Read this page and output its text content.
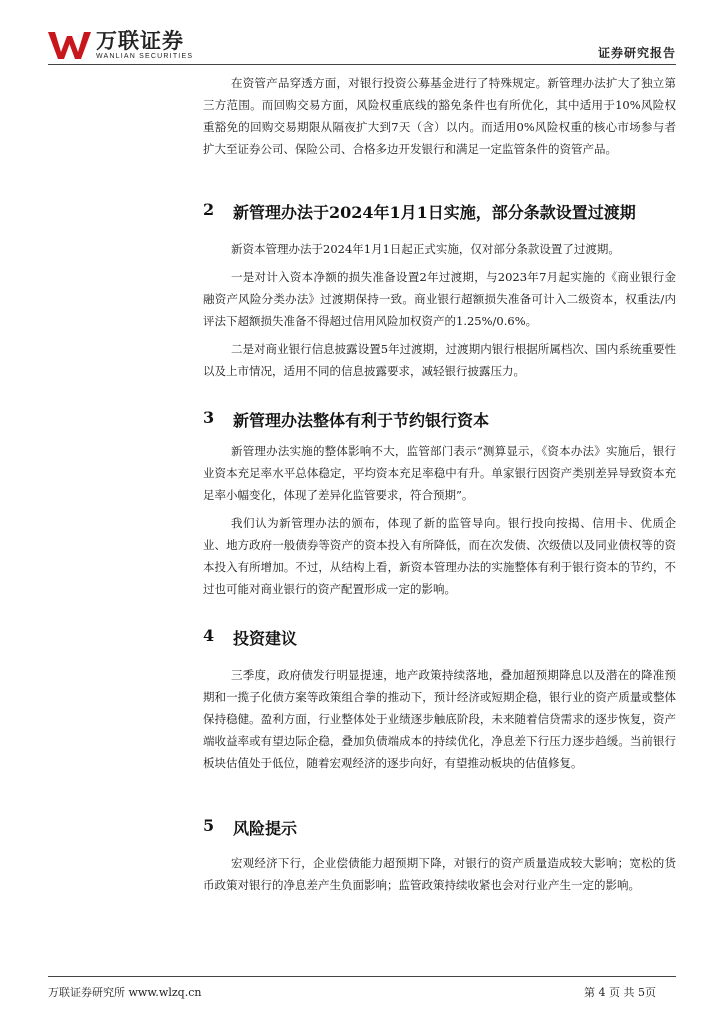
万联证券
WANLIAN SECURITIES	证券研究报告

在资管产品穿透方面，对银行投资公募基金进行了特殊规定。新管理办法扩大了独立第三方范围。而回购交易方面，风险权重底线的豁免条件也有所优化，其中适用于10%风险权重豁免的回购交易期限从隔夜扩大到7天（含）以内。而适用0%风险权重的核心市场参与者扩大至证券公司、保险公司、合格多边开发银行和满足一定监管条件的资管产品。

2	新管理办法于2024年1月1日实施，部分条款设置过渡期

新资本管理办法于2024年1月1日起正式实施，仅对部分条款设置了过渡期。

一是对计入资本净额的损失准备设置2年过渡期，与2023年7月起实施的《商业银行金融资产风险分类办法》过渡期保持一致。商业银行超额损失准备可计入二级资本，权重法/内评法下超额损失准备不得超过信用风险加权资产的1.25%/0.6%。

二是对商业银行信息披露设置5年过渡期，过渡期内银行根据所属档次、国内系统重要性以及上市情况，适用不同的信息披露要求，减轻银行披露压力。

3	新管理办法整体有利于节约银行资本

新管理办法实施的整体影响不大，监管部门表示“测算显示，《资本办法》实施后，银行业资本充足率水平总体稳定，平均资本充足率稳中有升。单家银行因资产类别差异导致资本充足率小幅变化，体现了差异化监管要求，符合预期”。

我们认为新管理办法的颁布，体现了新的监管导向。银行投向按揭、信用卡、优质企业、地方政府一般债券等资产的资本投入有所降低，而在次发债、次级债以及同业债权等的资本投入有所增加。不过，从结构上看，新资本管理办法的实施整体有利于银行资本的节约，不过也可能对商业银行的资产配置形成一定的影响。

4	投资建议

三季度，政府债发行明显提速，地产政策持续落地，叠加超预期降息以及潜在的降准预期和一揽子化债方案等政策组合拳的推动下，预计经济或短期企稳，银行业的资产质量或整体保持稳健。盈利方面，行业整体处于业绩逐步触底阶段，未来随着信贷需求的逐步恢复，资产端收益率或有望边际企稳，叠加负债端成本的持续优化，净息差下行压力逐步趋缓。当前银行板块估值处于低位，随着宏观经济的逐步向好，有望推动板块的估值修复。

5	风险提示

宏观经济下行，企业偿债能力超预期下降，对银行的资产质量造成较大影响；宽松的货币政策对银行的净息差产生负面影响；监管政策持续收紧也会对行业产生一定的影响。

万联证券研究所 www.wlzq.cn	第 4 页 共 5页
